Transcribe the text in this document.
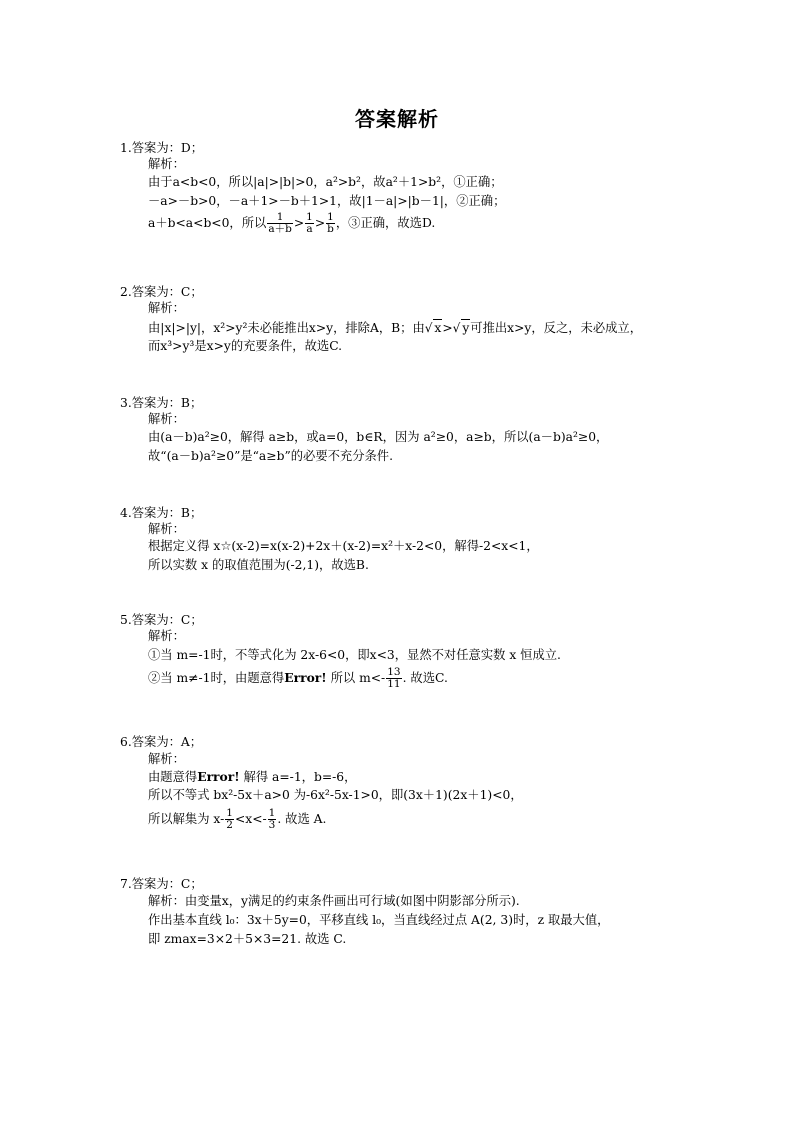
答案解析
1.答案为：D；
解析：
由于a<b<0，所以|a|>|b|>0，a²>b²，故a²＋1>b²，①正确；
－a>－b>0，－a＋1>－b＋1>1，故|1－a|>|b－1|，②正确；
a＋b<a<b<0，所以 $\frac{1}{a+b} > \frac{1}{a} > \frac{1}{b}$ ，③正确，故选D.
2.答案为：C；
解析：
由|x|>|y|，x²>y²未必能推出x>y，排除A，B；由√ x>√ y可推出x>y，反之，未必成立，
而x³>y³是x>y的充要条件，故选C.
3.答案为：B；
解析：
由(a－b)a²≥0，解得 a≥b，或a=0，b∈R，因为 a²≥0，a≥b，所以(a－b)a²≥0，
故“(a－b)a²≥0”是“a≥b”的必要不充分条件.
4.答案为：B；
解析：
根据定义得 x☆(x-2)=x(x-2)+2x＋(x-2)=x²＋x-2<0，解得-2<x<1，
所以实数 x 的取值范围为(-2,1)，故选B.
5.答案为：C；
解析：
①当 m=-1时，不等式化为 2x-6<0，即x<3，显然不对任意实数 x 恒成立.
②当 m≠-1时，由题意得Error! 所以 $m<- \frac{13}{11}$ . 故选C.
6.答案为：A；
解析：
由题意得Error! 解得 a=-1，b=-6，
所以不等式 bx²-5x＋a>0 为-6x²-5x-1>0，即(3x＋1)(2x＋1)<0，
所以解集为 $x- \frac{1}{2} <x<- \frac{1}{3}$ . 故选 A.
7.答案为：C；
解析：由变量x，y满足的约束条件画出可行域(如图中阴影部分所示).
作出基本直线 l₀：3x＋5y=0，平移直线 l₀，当直线经过点 A(2, 3)时，z 取最大值，
即 zmax=3×2＋5×3=21. 故选 C.
